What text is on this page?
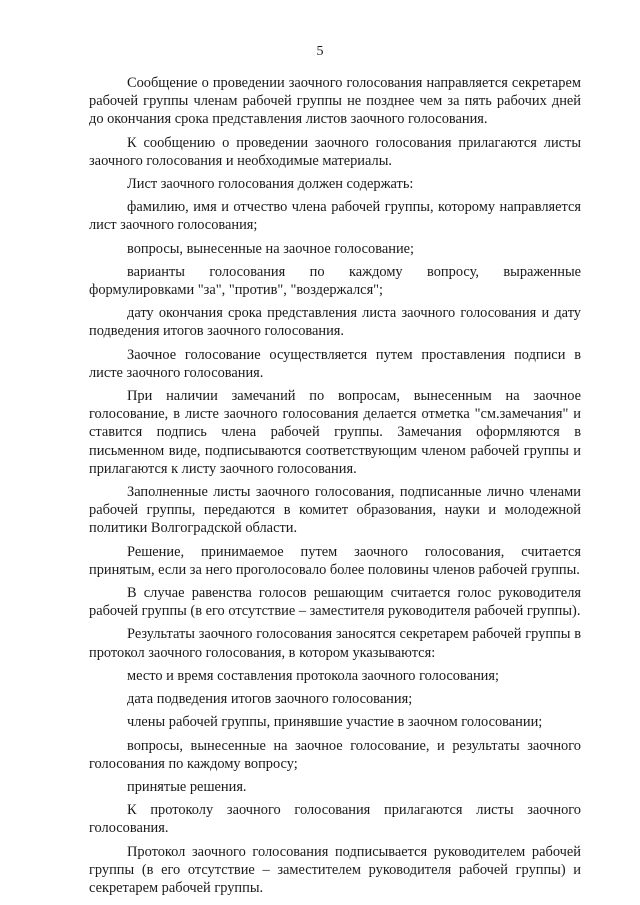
5

Сообщение о проведении заочного голосования направляется секретарем рабочей группы членам рабочей группы не позднее чем за пять рабочих дней до окончания срока представления листов заочного голосования.

К сообщению о проведении заочного голосования прилагаются листы заочного голосования и необходимые материалы.

Лист заочного голосования должен содержать:

фамилию, имя и отчество члена рабочей группы, которому направляется лист заочного голосования;

вопросы, вынесенные на заочное голосование;

варианты голосования по каждому вопросу, выраженные формулировками "за", "против", "воздержался";

дату окончания срока представления листа заочного голосования и дату подведения итогов заочного голосования.

Заочное голосование осуществляется путем проставления подписи в листе заочного голосования.

При наличии замечаний по вопросам, вынесенным на заочное голосование, в листе заочного голосования делается отметка "см.замечания" и ставится подпись члена рабочей группы. Замечания оформляются в письменном виде, подписываются соответствующим членом рабочей группы и прилагаются к листу заочного голосования.

Заполненные листы заочного голосования, подписанные лично членами рабочей группы, передаются в комитет образования, науки и молодежной политики Волгоградской области.

Решение, принимаемое путем заочного голосования, считается принятым, если за него проголосовало более половины членов рабочей группы.

В случае равенства голосов решающим считается голос руководителя рабочей группы (в его отсутствие – заместителя руководителя рабочей группы).

Результаты заочного голосования заносятся секретарем рабочей группы в протокол заочного голосования, в котором указываются:

место и время составления протокола заочного голосования;

дата подведения итогов заочного голосования;

члены рабочей группы, принявшие участие в заочном голосовании;

вопросы, вынесенные на заочное голосование, и результаты заочного голосования по каждому вопросу;

принятые решения.

К протоколу заочного голосования прилагаются листы заочного голосования.

Протокол заочного голосования подписывается руководителем рабочей группы (в его отсутствие – заместителем руководителя рабочей группы) и секретарем рабочей группы.
